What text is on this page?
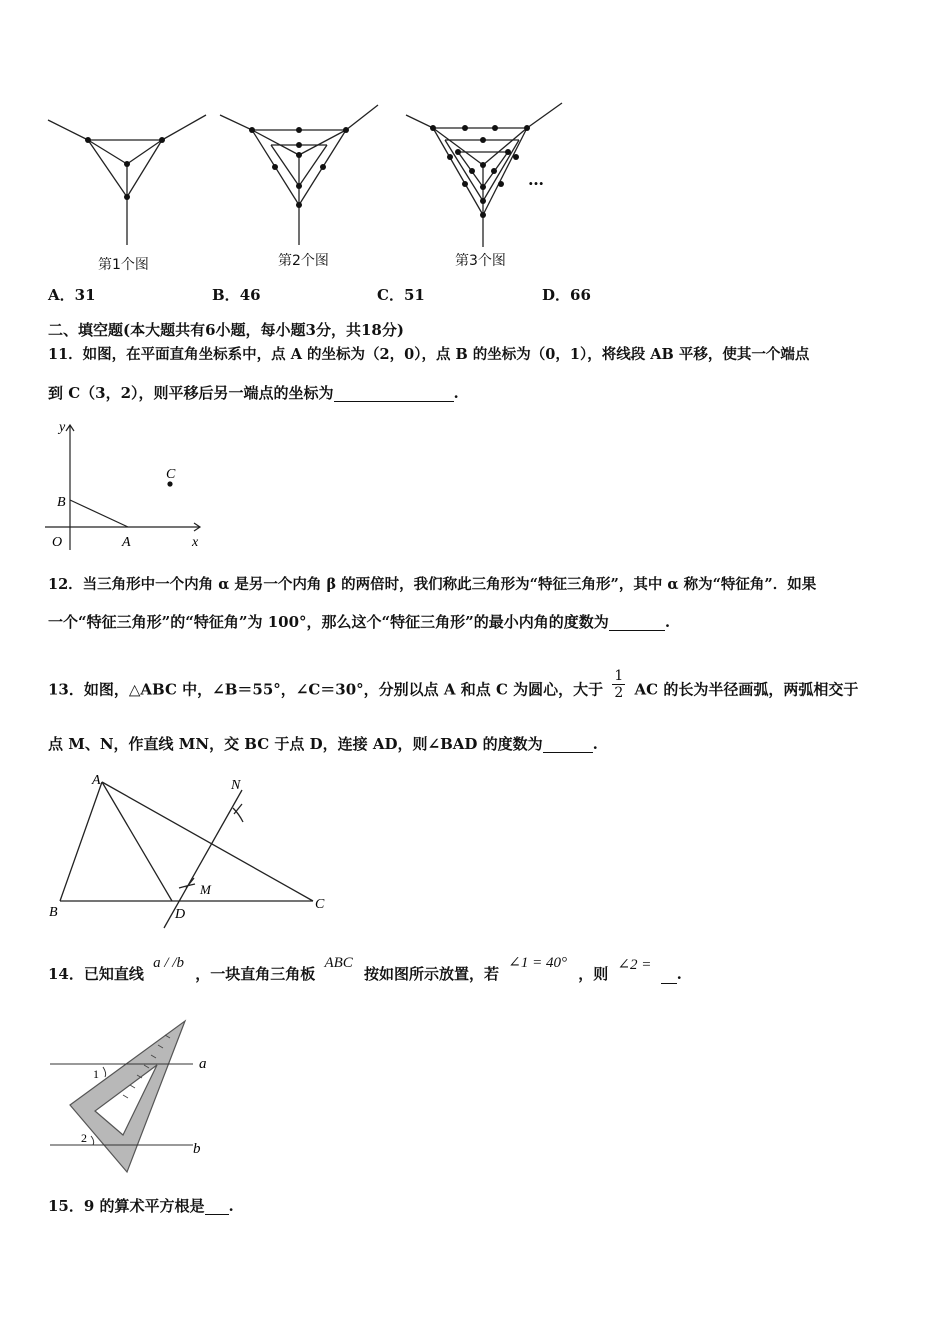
…
第1个图	第2个图	第3个图
A．31	B．46	C．51	D．66
二、填空题(本大题共有6小题，每小题3分，共18分)
11．如图，在平面直角坐标系中，点 A 的坐标为（2，0），点 B 的坐标为（0，1），将线段 AB 平移，使其一个端点
到 C（3，2），则平移后另一端点的坐标为	.
y
x
O	A
B
C
12．当三角形中一个内角 α 是另一个内角 β 的两倍时，我们称此三角形为“特征三角形”，其中 α 称为“特征角”．如果
一个“特征三角形”的“特征角”为 100°，那么这个“特征三角形”的最小内角的度数为	.
13．如图，△ABC 中，∠B＝55°，∠C＝30°，分别以点 A 和点 C 为圆心，大于 $\frac{1}{2}$ AC 的长为半径画弧，两弧相交于
点 M、N，作直线 MN，交 BC 于点 D，连接 AD，则∠BAD 的度数为	.
A
B
C
D
M
N
14．已知直线 a / /b ，一块直角三角板 ABC 按如图所示放置，若 ∠1 = 40° ，则 ∠2 = .
a
b
1
2
15．9 的算术平方根是 .
